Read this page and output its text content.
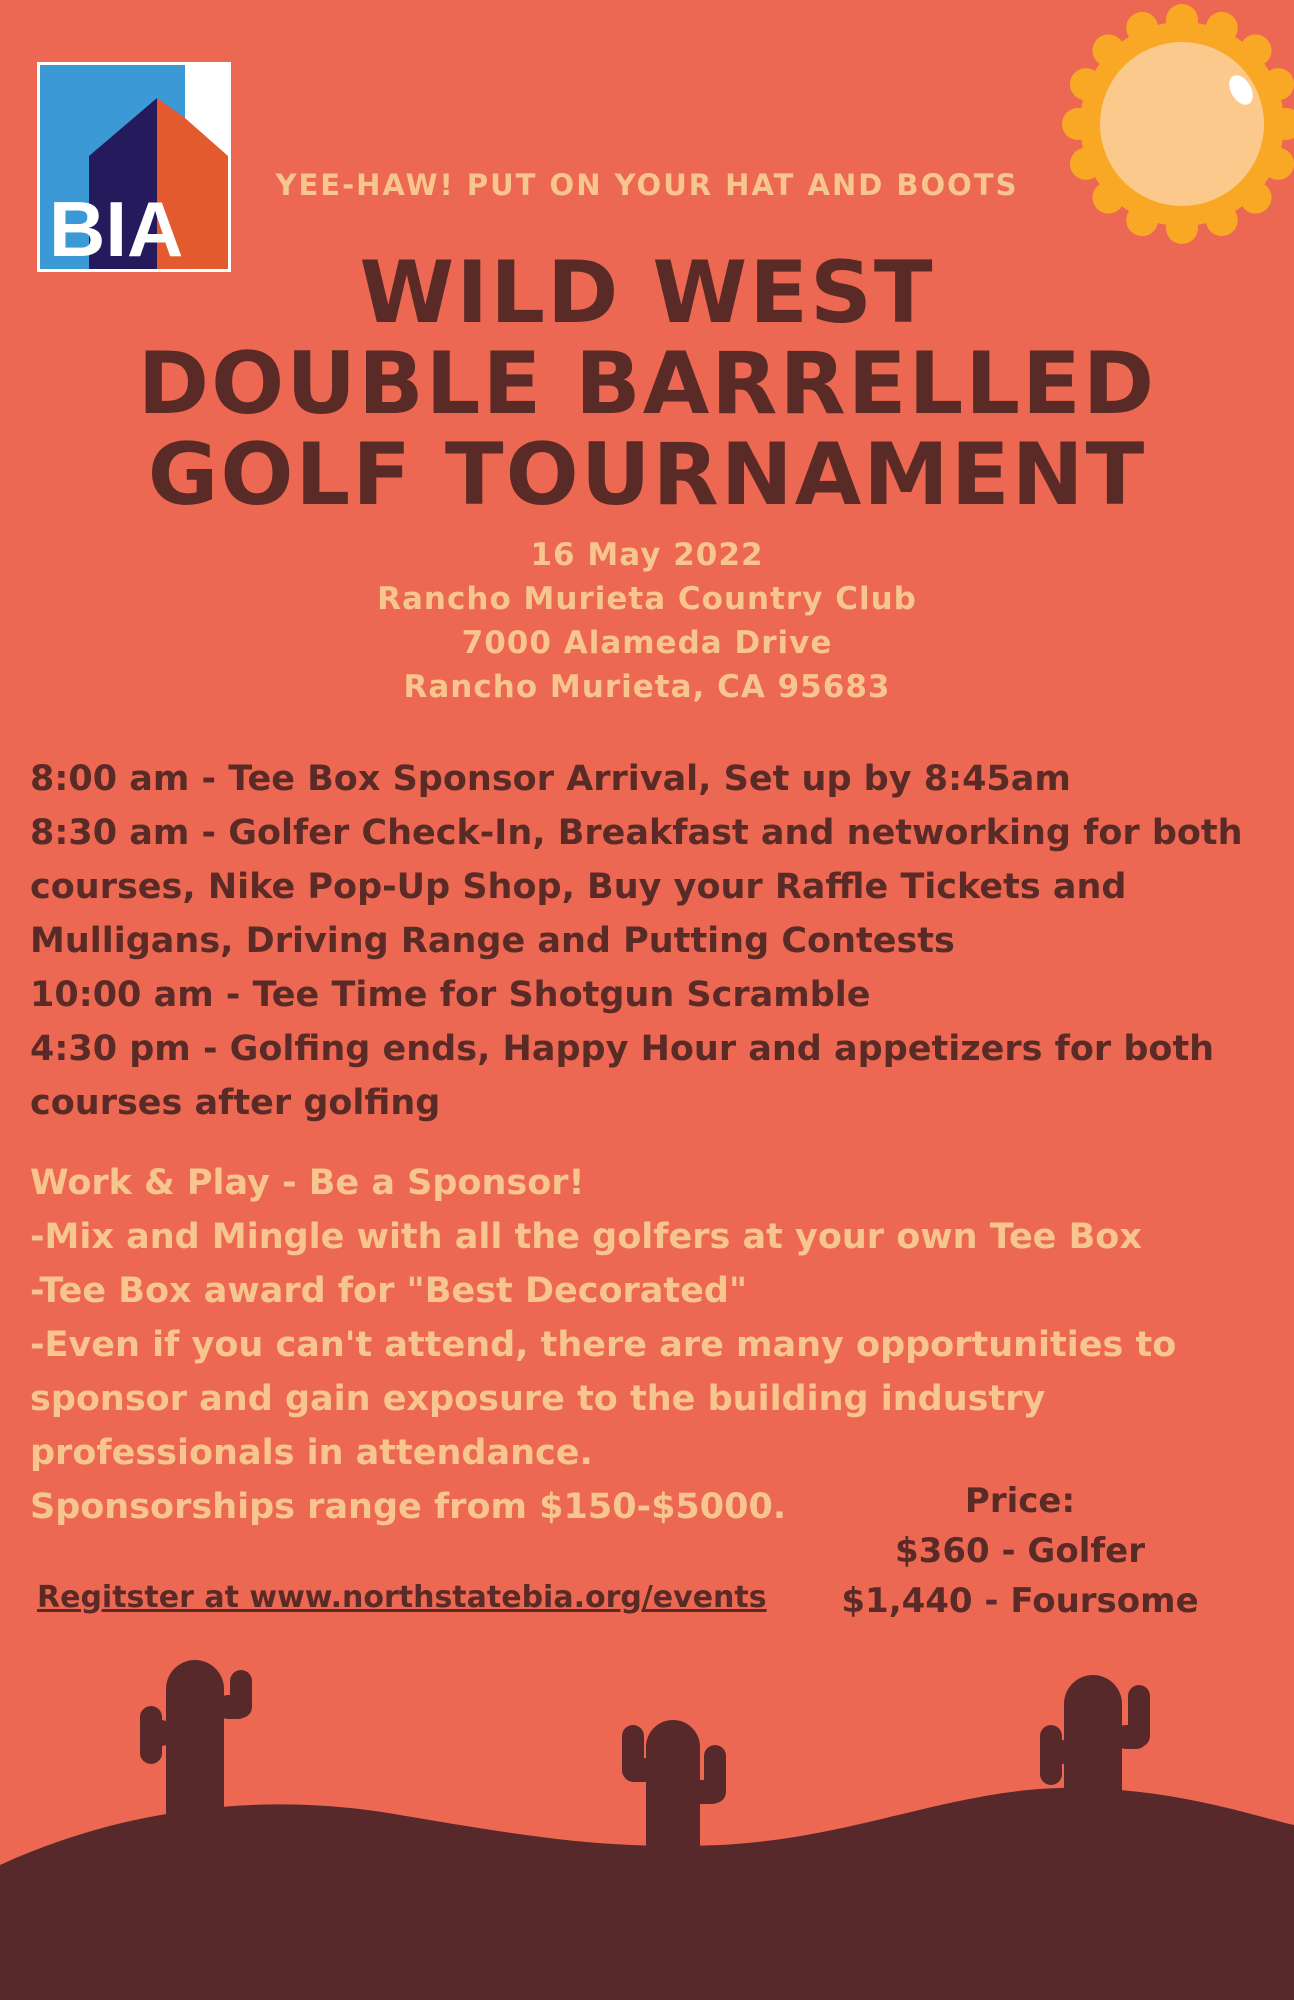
BIA	YEE-HAW! PUT ON YOUR HAT AND BOOTS
WILD WEST
DOUBLE BARRELLED
GOLF TOURNAMENT
16 May 2022
Rancho Murieta Country Club
7000 Alameda Drive
Rancho Murieta, CA 95683
8:00 am - Tee Box Sponsor Arrival, Set up by 8:45am
8:30 am - Golfer Check-In, Breakfast and networking for both courses, Nike Pop-Up Shop, Buy your Raffle Tickets and Mulligans, Driving Range and Putting Contests
10:00 am - Tee Time for Shotgun Scramble
4:30 pm - Golfing ends, Happy Hour and appetizers for both courses after golfing
Work & Play - Be a Sponsor!
-Mix and Mingle with all the golfers at your own Tee Box
-Tee Box award for "Best Decorated"
-Even if you can't attend, there are many opportunities to sponsor and gain exposure to the building industry professionals in attendance.
Sponsorships range from $150-$5000.	Price:
$360 - Golfer
$1,440 - Foursome
Regitster at www.northstatebia.org/events
